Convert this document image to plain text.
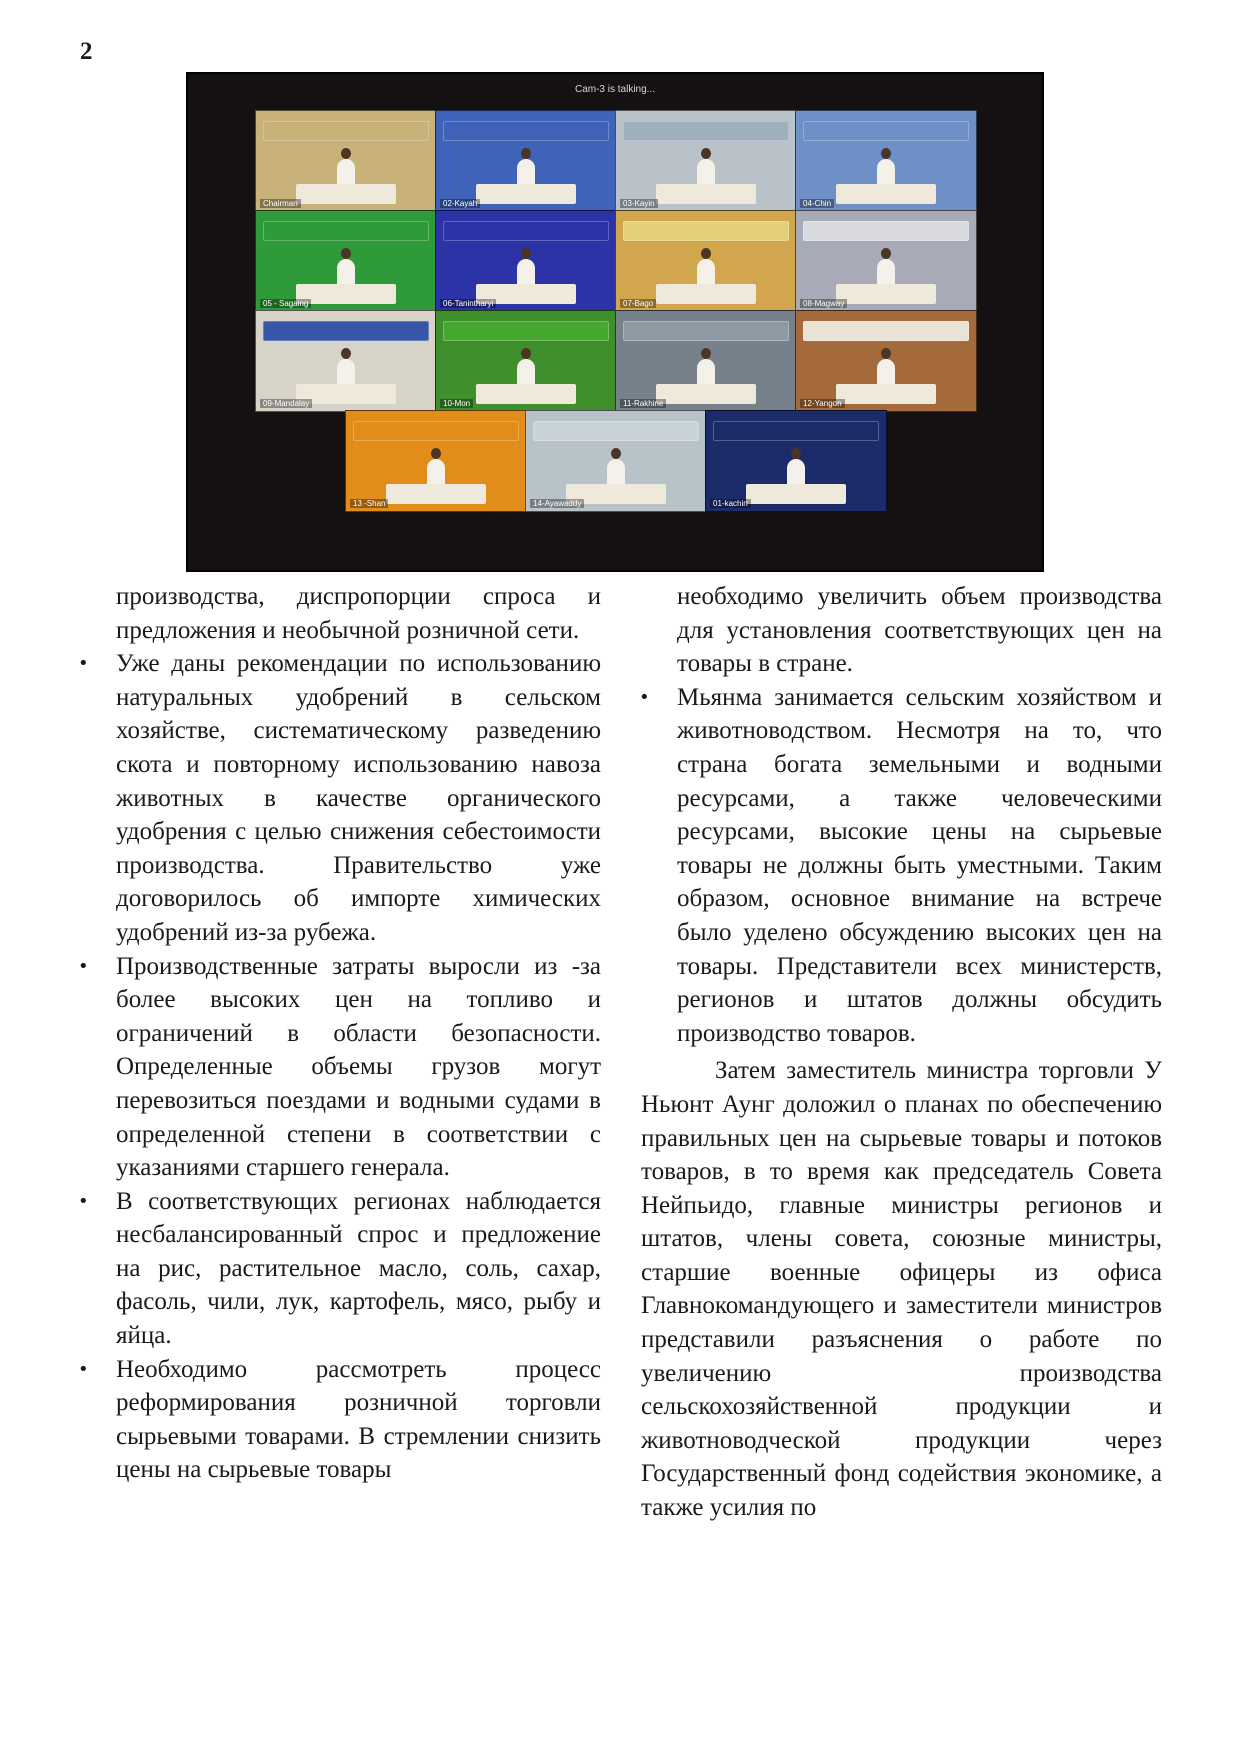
2
Cam-3 is talking...
Chairman	02-Kayah	03-Kayin	04-Chin
05 - Sagaing	06-Tanintharyi	07-Bago	08-Magway
09-Mandalay	10-Mon	11-Rakhine	12-Yangon
13 -Shan	14-Ayawaddy	01-kachin

производства, диспропорции спроса и предложения и необычной розничной сети.

• Уже даны рекомендации по использованию натуральных удобрений в сельском хозяйстве, систематическому разведению скота и повторному использованию навоза животных в качестве органического удобрения с целью снижения себестоимости производства. Правительство уже договорилось об импорте химических удобрений из-за рубежа.
• Производственные затраты выросли из -за более высоких цен на топливо и ограничений в области безопасности. Определенные объемы грузов могут перевозиться поездами и водными судами в определенной степени в соответствии с указаниями старшего генерала.
• В соответствующих регионах наблюдается несбалансированный спрос и предложение на рис, растительное масло, соль, сахар, фасоль, чили, лук, картофель, мясо, рыбу и яйца.
• Необходимо рассмотреть процесс реформирования розничной торговли сырьевыми товарами. В стремлении снизить цены на сырьевые товары

необходимо увеличить объем производства для установления соответствующих цен на товары в стране.

• Мьянма занимается сельским хозяйством и животноводством. Несмотря на то, что страна богата земельными и водными ресурсами, а также человеческими ресурсами, высокие цены на сырьевые товары не должны быть уместными. Таким образом, основное внимание на встрече было уделено обсуждению высоких цен на товары. Представители всех министерств, регионов и штатов должны обсудить производство товаров.

Затем заместитель министра торговли У Ньюнт Аунг доложил о планах по обеспечению правильных цен на сырьевые товары и потоков товаров, в то время как председатель Совета Нейпьидо, главные министры регионов и штатов, члены совета, союзные министры, старшие военные офицеры из офиса Главнокомандующего и заместители министров представили разъяснения о работе по увеличению производства сельскохозяйственной продукции и животноводческой продукции через Государственный фонд содействия экономике, а также усилия по
